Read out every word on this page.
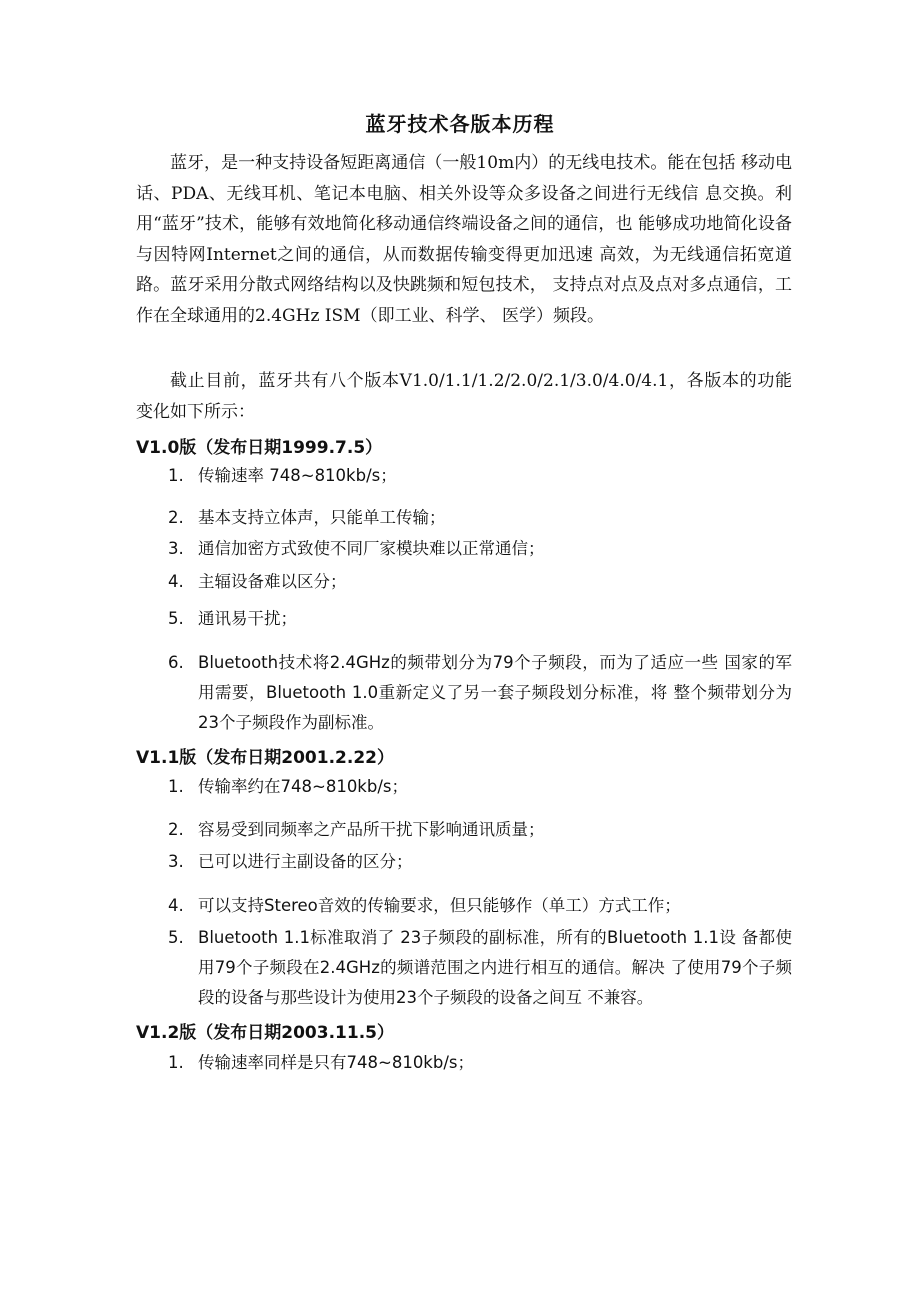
蓝牙技术各版本历程

蓝牙，是一种支持设备短距离通信（一般10m内）的无线电技术。能在包括 移动电话、PDA、无线耳机、笔记本电脑、相关外设等众多设备之间进行无线信 息交换。利用“蓝牙”技术，能够有效地简化移动通信终端设备之间的通信，也 能够成功地简化设备与因特网Internet之间的通信，从而数据传输变得更加迅速 高效，为无线通信拓宽道路。蓝牙采用分散式网络结构以及快跳频和短包技术， 支持点对点及点对多点通信，工作在全球通用的2.4GHz ISM（即工业、科学、 医学）频段。

截止目前，蓝牙共有八个版本V1.0/1.1/1.2/2.0/2.1/3.0/4.0/4.1，各版本的功能变化如下所示：

V1.0版（发布日期1999.7.5）
1. 传输速率 748~810kb/s；
2. 基本支持立体声，只能单工传输；
3. 通信加密方式致使不同厂家模块难以正常通信；
4. 主辐设备难以区分；
5. 通讯易干扰；
6. Bluetooth技术将2.4GHz的频带划分为79个子频段，而为了适应一些 国家的军用需要，Bluetooth 1.0重新定义了另一套子频段划分标准，将 整个频带划分为23个子频段作为副标准。
V1.1版（发布日期2001.2.22）
1. 传输率约在748~810kb/s；
2. 容易受到同频率之产品所干扰下影响通讯质量；
3. 已可以进行主副设备的区分；
4. 可以支持Stereo音效的传输要求，但只能够作（单工）方式工作；
5. Bluetooth 1.1标准取消了 23子频段的副标准，所有的Bluetooth 1.1设 备都使用79个子频段在2.4GHz的频谱范围之内进行相互的通信。解决 了使用79个子频段的设备与那些设计为使用23个子频段的设备之间互 不兼容。
V1.2版（发布日期2003.11.5）
1. 传输速率同样是只有748~810kb/s；
